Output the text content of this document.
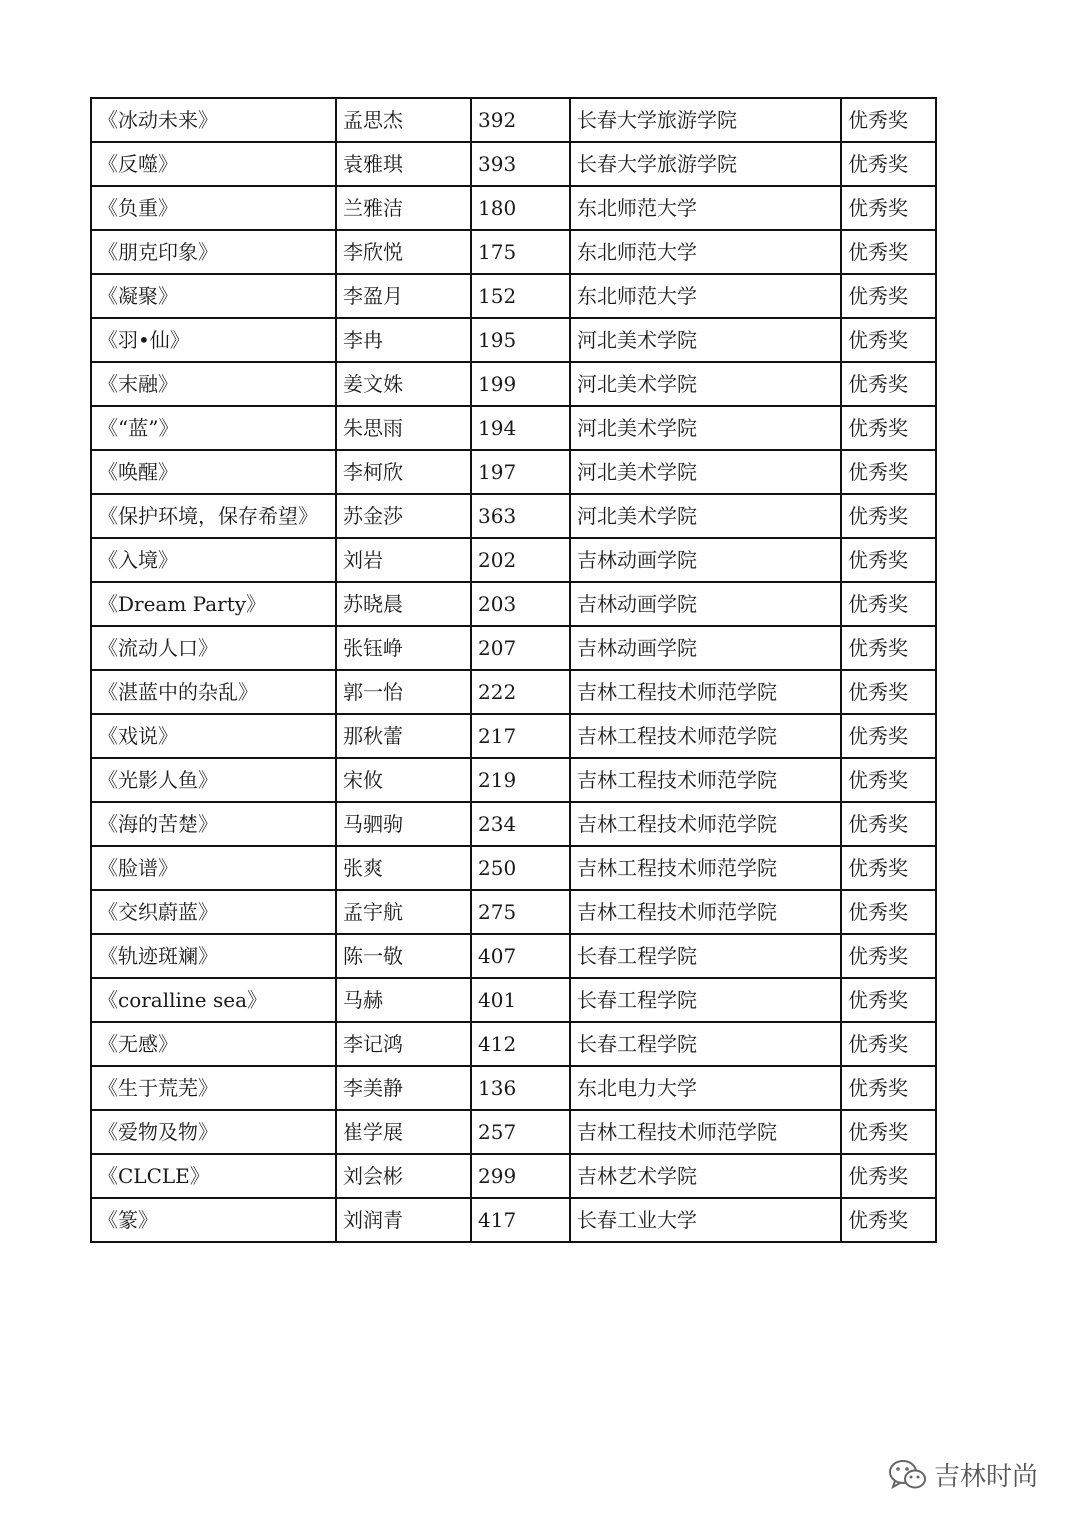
《冰动未来》	孟思杰	392	长春大学旅游学院	优秀奖
《反噬》	袁雅琪	393	长春大学旅游学院	优秀奖
《负重》	兰雅洁	180	东北师范大学	优秀奖
《朋克印象》	李欣悦	175	东北师范大学	优秀奖
《凝聚》	李盈月	152	东北师范大学	优秀奖
《羽•仙》	李冉	195	河北美术学院	优秀奖
《末融》	姜文姝	199	河北美术学院	优秀奖
《“蓝”》	朱思雨	194	河北美术学院	优秀奖
《唤醒》	李柯欣	197	河北美术学院	优秀奖
《保护环境，保存希望》	苏金莎	363	河北美术学院	优秀奖
《入境》	刘岩	202	吉林动画学院	优秀奖
《Dream Party》	苏晓晨	203	吉林动画学院	优秀奖
《流动人口》	张钰峥	207	吉林动画学院	优秀奖
《湛蓝中的杂乱》	郭一怡	222	吉林工程技术师范学院	优秀奖
《戏说》	那秋蕾	217	吉林工程技术师范学院	优秀奖
《光影人鱼》	宋攸	219	吉林工程技术师范学院	优秀奖
《海的苦楚》	马驷驹	234	吉林工程技术师范学院	优秀奖
《脸谱》	张爽	250	吉林工程技术师范学院	优秀奖
《交织蔚蓝》	孟宇航	275	吉林工程技术师范学院	优秀奖
《轨迹斑斓》	陈一敬	407	长春工程学院	优秀奖
《coralline sea》	马赫	401	长春工程学院	优秀奖
《无感》	李记鸿	412	长春工程学院	优秀奖
《生于荒芜》	李美静	136	东北电力大学	优秀奖
《爱物及物》	崔学展	257	吉林工程技术师范学院	优秀奖
《CLCLE》	刘会彬	299	吉林艺术学院	优秀奖
《篆》	刘润青	417	长春工业大学	优秀奖
吉林时尚
